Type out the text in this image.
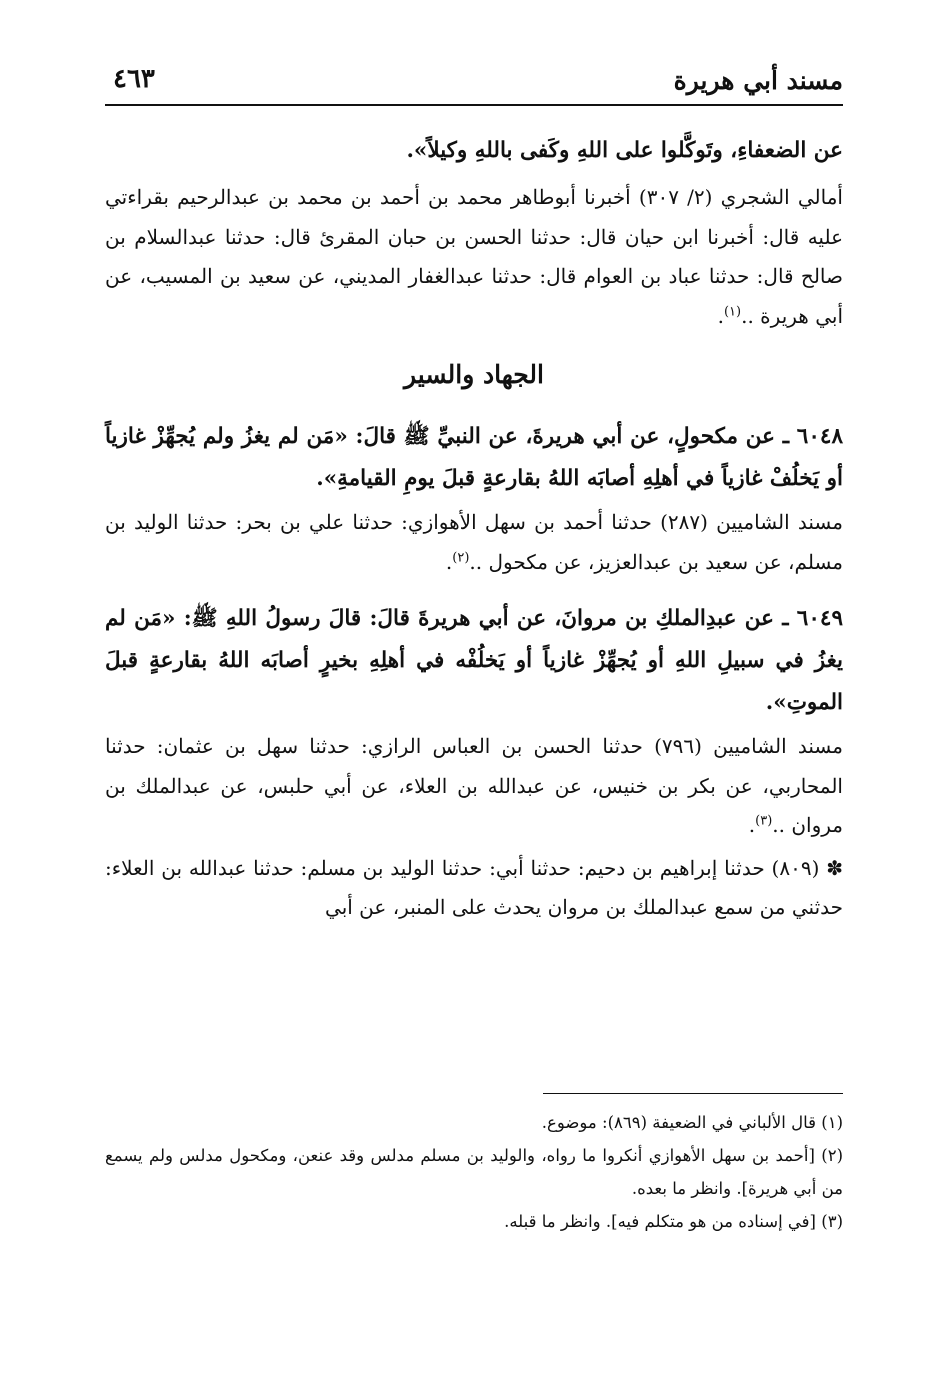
مسند أبي هريرة
٤٦٣

عن الضعفاءِ، وتَوكَّلوا على اللهِ وكَفى باللهِ وكيلاً».

أمالي الشجري (٢/ ٣٠٧) أخبرنا أبوطاهر محمد بن أحمد بن محمد بن عبدالرحيم بقراءتي عليه قال: أخبرنا ابن حيان قال: حدثنا الحسن بن حبان المقرئ قال: حدثنا عبدالسلام بن صالح قال: حدثنا عباد بن العوام قال: حدثنا عبدالغفار المديني، عن سعيد بن المسيب، عن أبي هريرة ..$^{(١)}$.

الجهاد والسير

٦٠٤٨ ـ عن مكحولٍ، عن أبي هريرةَ، عن النبيِّ ﷺ قالَ: «مَن لم يغزُ ولم يُجهِّزْ غازياً أو يَخلُفْ غازياً في أهلِهِ أصابَه اللهُ بقارعةٍ قبلَ يومِ القيامةِ».

مسند الشامیین (٢٨٧) حدثنا أحمد بن سهل الأهوازي: حدثنا علي بن بحر: حدثنا الوليد بن مسلم، عن سعيد بن عبدالعزيز، عن مكحول ..$^{(٢)}$.

٦٠٤٩ ـ عن عبدِالملكِ بن مروانَ، عن أبي هريرةَ قالَ: قالَ رسولُ اللهِ ﷺ: «مَن لم يغزُ في سبيلِ اللهِ أو يُجهِّزْ غازياً أو يَخلُفْه في أهلِهِ بخيرٍ أصابَه اللهُ بقارعةٍ قبلَ الموتِ».

مسند الشامیین (٧٩٦) حدثنا الحسن بن العباس الرازي: حدثنا سهل بن عثمان: حدثنا المحاربي، عن بكر بن خنيس، عن عبدالله بن العلاء، عن أبي حلبس، عن عبدالملك بن مروان ..$^{(٣)}$.

✽ (٨٠٩) حدثنا إبراهيم بن دحيم: حدثنا أبي: حدثنا الوليد بن مسلم: حدثنا عبدالله بن العلاء: حدثني من سمع عبدالملك بن مروان يحدث على المنبر، عن أبي

(١) قال الألباني في الضعيفة (٨٦٩): موضوع.

(٢) [أحمد بن سهل الأهوازي أنكروا ما رواه، والوليد بن مسلم مدلس وقد عنعن، ومكحول مدلس ولم يسمع من أبي هريرة]. وانظر ما بعده.

(٣) [في إسناده من هو متكلم فيه]. وانظر ما قبله.
